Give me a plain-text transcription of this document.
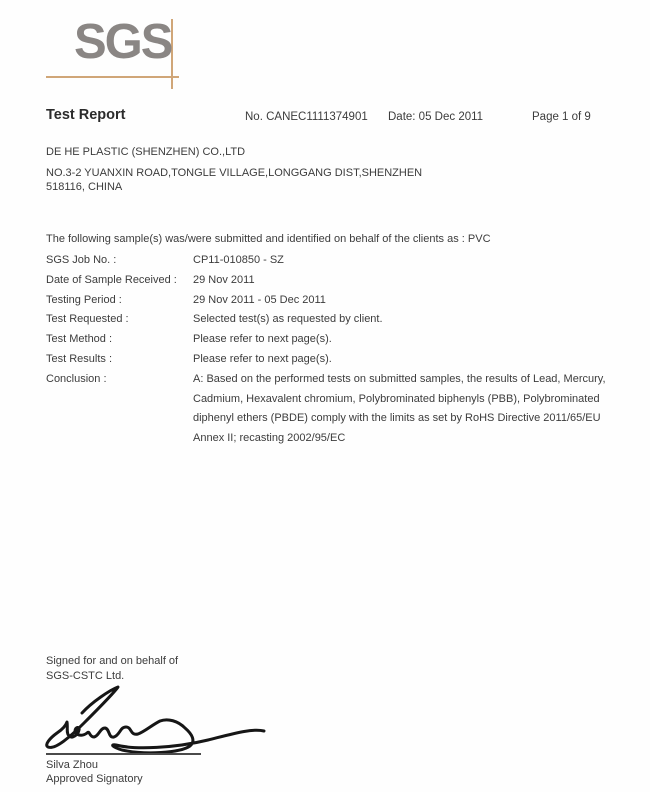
SGS
Test Report	No. CANEC1111374901 Date: 05 Dec 2011	Page 1 of 9
DE HE PLASTIC (SHENZHEN) CO.,LTD
NO.3-2 YUANXIN ROAD,TONGLE VILLAGE,LONGGANG DIST,SHENZHEN
518116, CHINA
The following sample(s) was/were submitted and identified on behalf of the clients as : PVC
SGS Job No. :	CP11-010850 - SZ
Date of Sample Received :	29 Nov 2011
Testing Period :	29 Nov 2011 - 05 Dec 2011
Test Requested :	Selected test(s) as requested by client.
Test Method :	Please refer to next page(s).
Test Results :	Please refer to next page(s).
Conclusion :	A: Based on the performed tests on submitted samples, the results of Lead, Mercury, Cadmium, Hexavalent chromium, Polybrominated biphenyls (PBB), Polybrominated diphenyl ethers (PBDE) comply with the limits as set by RoHS Directive 2011/65/EU Annex II; recasting 2002/95/EC
Signed for and on behalf of
SGS-CSTC Ltd.
Silva Zhou
Approved Signatory
